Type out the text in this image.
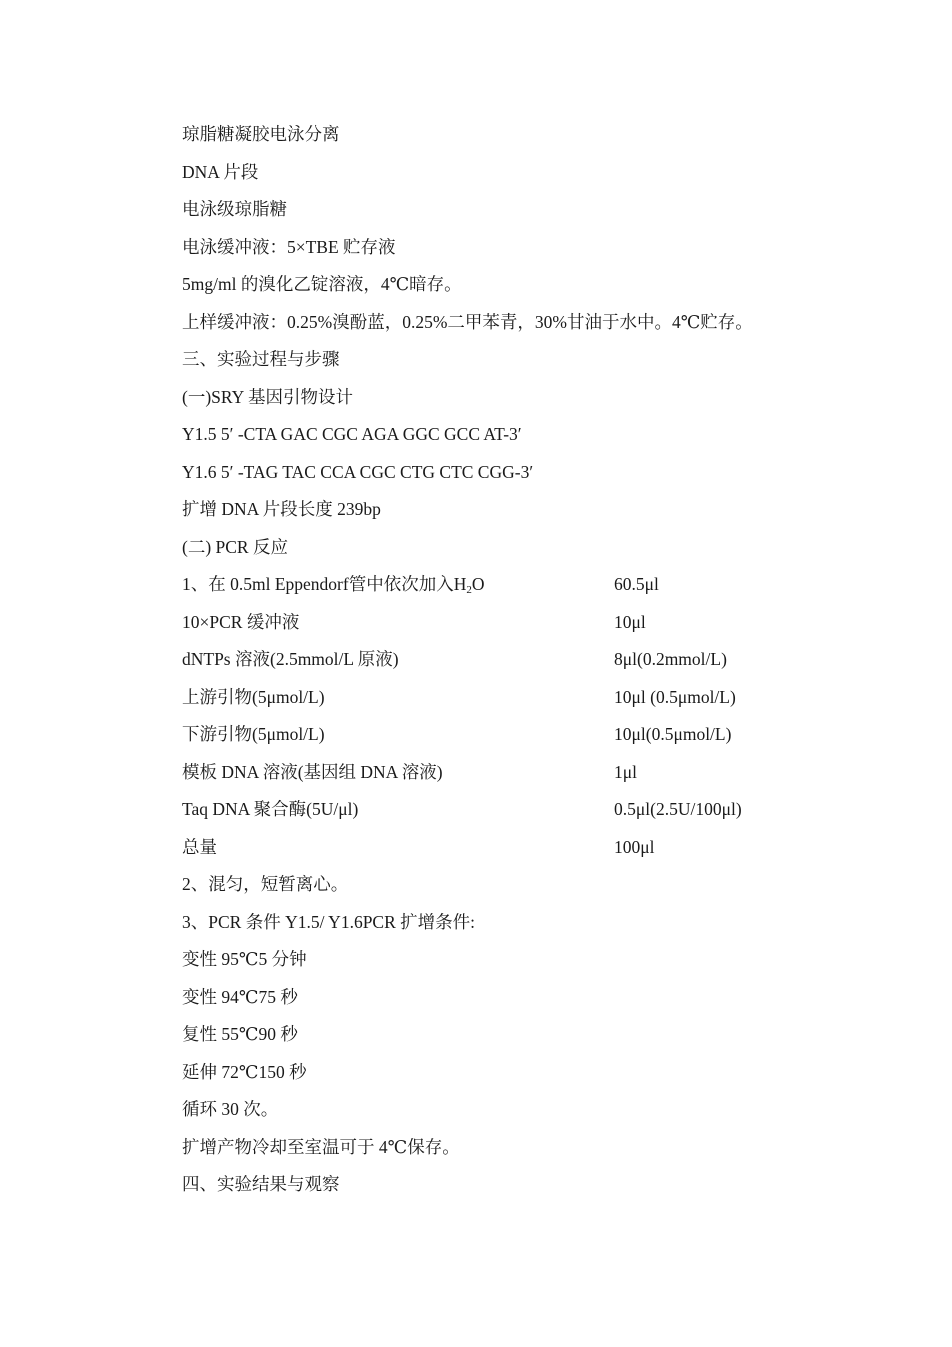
琼脂糖凝胶电泳分离
DNA 片段
电泳级琼脂糖
电泳缓冲液：5×TBE 贮存液
5mg/ml 的溴化乙锭溶液，4℃暗存。
上样缓冲液：0.25%溴酚蓝，0.25%二甲苯青，30%甘油于水中。4℃贮存。
三、实验过程与步骤
(一)SRY 基因引物设计
Y1.5 5′ -CTA GAC CGC AGA GGC GCC AT-3′
Y1.6 5′ -TAG TAC CCA CGC CTG CTC CGG-3′
扩增 DNA 片段长度 239bp
(二) PCR 反应
1、在 0.5ml Eppendorf管中依次加入$H_2O$	60.5μl
10×PCR 缓冲液	10μl
dNTPs 溶液(2.5mmol/L 原液)	8μl(0.2mmol/L)
上游引物(5μmol/L)	10μl (0.5μmol/L)
下游引物(5μmol/L)	10μl(0.5μmol/L)
模板 DNA 溶液(基因组 DNA 溶液)	1μl
Taq DNA 聚合酶(5U/μl)	0.5μl(2.5U/100μl)
总量	100μl
2、混匀，短暂离心。
3、PCR 条件 Y1.5/ Y1.6PCR 扩增条件:
变性 95℃5 分钟
变性 94℃75 秒
复性 55℃90 秒
延伸 72℃150 秒
循环 30 次。
扩增产物冷却至室温可于 4℃保存。
四、实验结果与观察
